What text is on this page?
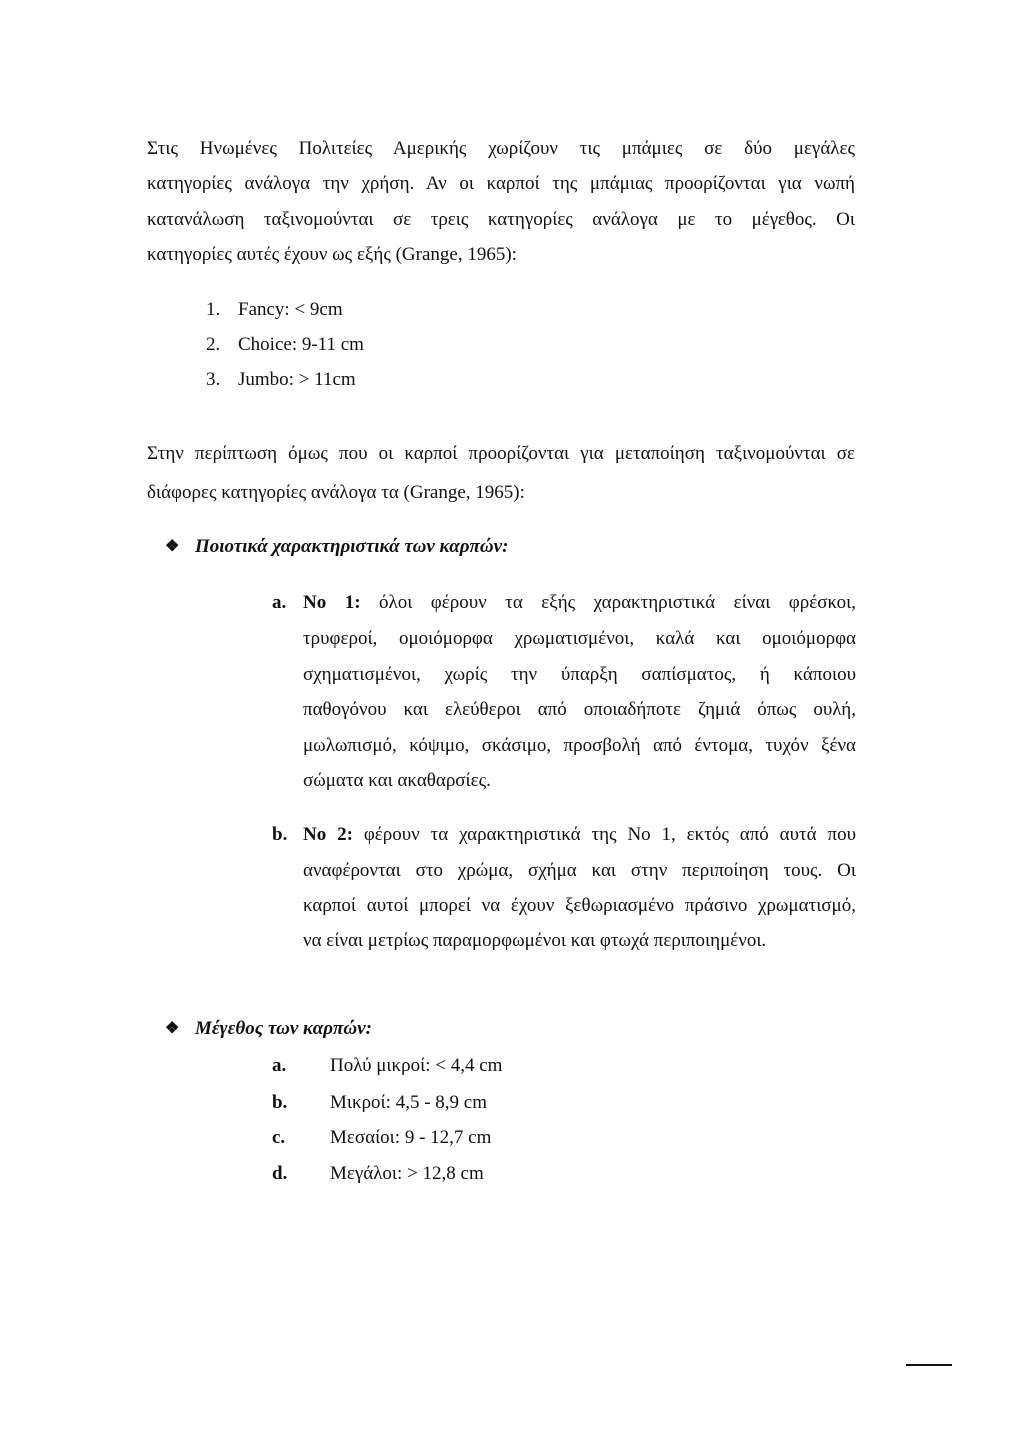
Στις Ηνωμένες Πολιτείες Αμερικής χωρίζουν τις μπάμιες σε δύο μεγάλες
κατηγορίες ανάλογα την χρήση. Αν οι καρποί της μπάμιας προορίζονται για νωπή
κατανάλωση ταξινομούνται σε τρεις κατηγορίες ανάλογα με το μέγεθος. Οι
κατηγορίες αυτές έχουν ως εξής (Grange, 1965):
1. Fancy: < 9cm
2. Choice: 9-11 cm
3. Jumbo: > 11cm
Στην περίπτωση όμως που οι καρποί προορίζονται για μεταποίηση ταξινομούνται σε
διάφορες κατηγορίες ανάλογα τα (Grange, 1965):
❖ Ποιοτικά χαρακτηριστικά των καρπών:
a. No 1: όλοι φέρουν τα εξής χαρακτηριστικά είναι φρέσκοι,
τρυφεροί, ομοιόμορφα χρωματισμένοι, καλά και ομοιόμορφα
σχηματισμένοι, χωρίς την ύπαρξη σαπίσματος, ή κάποιου
παθογόνου και ελεύθεροι από οποιαδήποτε ζημιά όπως ουλή,
μωλωπισμό, κόψιμο, σκάσιμο, προσβολή από έντομα, τυχόν ξένα
σώματα και ακαθαρσίες.
b. No 2: φέρουν τα χαρακτηριστικά της No 1, εκτός από αυτά που
αναφέρονται στο χρώμα, σχήμα και στην περιποίηση τους. Οι
καρποί αυτοί μπορεί να έχουν ξεθωριασμένο πράσινο χρωματισμό,
να είναι μετρίως παραμορφωμένοι και φτωχά περιποιημένοι.
❖ Μέγεθος των καρπών:
a. Πολύ μικροί: < 4,4 cm
b. Μικροί: 4,5 - 8,9 cm
c. Μεσαίοι: 9 - 12,7 cm
d. Μεγάλοι: > 12,8 cm
